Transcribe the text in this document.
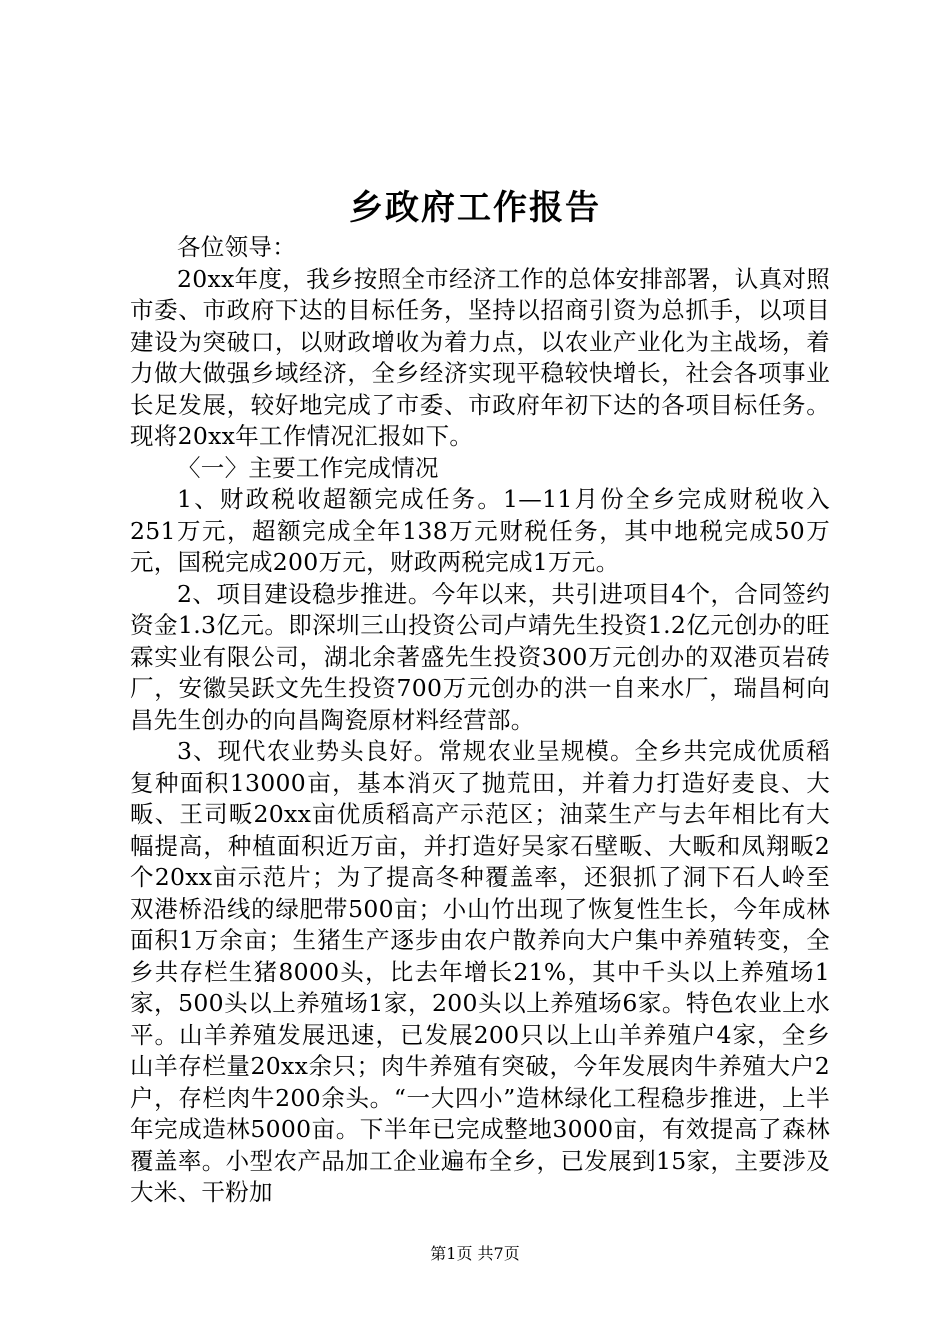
乡政府工作报告

各位领导：

20xx年度，我乡按照全市经济工作的总体安排部署，认真对照市委、市政府下达的目标任务，坚持以招商引资为总抓手，以项目建设为突破口，以财政增收为着力点，以农业产业化为主战场，着力做大做强乡域经济，全乡经济实现平稳较快增长，社会各项事业长足发展，较好地完成了市委、市政府年初下达的各项目标任务。现将20xx年工作情况汇报如下。

〈一〉主要工作完成情况

1、财政税收超额完成任务。1—11月份全乡完成财税收入251万元，超额完成全年138万元财税任务，其中地税完成50万元，国税完成200万元，财政两税完成1万元。

2、项目建设稳步推进。今年以来，共引进项目4个，合同签约资金1.3亿元。即深圳三山投资公司卢靖先生投资1.2亿元创办的旺霖实业有限公司，湖北余著盛先生投资300万元创办的双港页岩砖厂，安徽吴跃文先生投资700万元创办的洪一自来水厂，瑞昌柯向昌先生创办的向昌陶瓷原材料经营部。

3、现代农业势头良好。常规农业呈规模。全乡共完成优质稻复种面积13000亩，基本消灭了抛荒田，并着力打造好麦良、大畈、王司畈20xx亩优质稻高产示范区；油菜生产与去年相比有大幅提高，种植面积近万亩，并打造好吴家石壁畈、大畈和凤翔畈2个20xx亩示范片；为了提高冬种覆盖率，还狠抓了洞下石人岭至双港桥沿线的绿肥带500亩；小山竹出现了恢复性生长，今年成林面积1万余亩；生猪生产逐步由农户散养向大户集中养殖转变，全乡共存栏生猪8000头，比去年增长21%，其中千头以上养殖场1家，500头以上养殖场1家，200头以上养殖场6家。特色农业上水平。山羊养殖发展迅速，已发展200只以上山羊养殖户4家，全乡山羊存栏量20xx余只；肉牛养殖有突破，今年发展肉牛养殖大户2户，存栏肉牛200余头。“一大四小”造林绿化工程稳步推进，上半年完成造林5000亩。下半年已完成整地3000亩，有效提高了森林覆盖率。小型农产品加工企业遍布全乡，已发展到15家，主要涉及大米、干粉加

第1页 共7页
